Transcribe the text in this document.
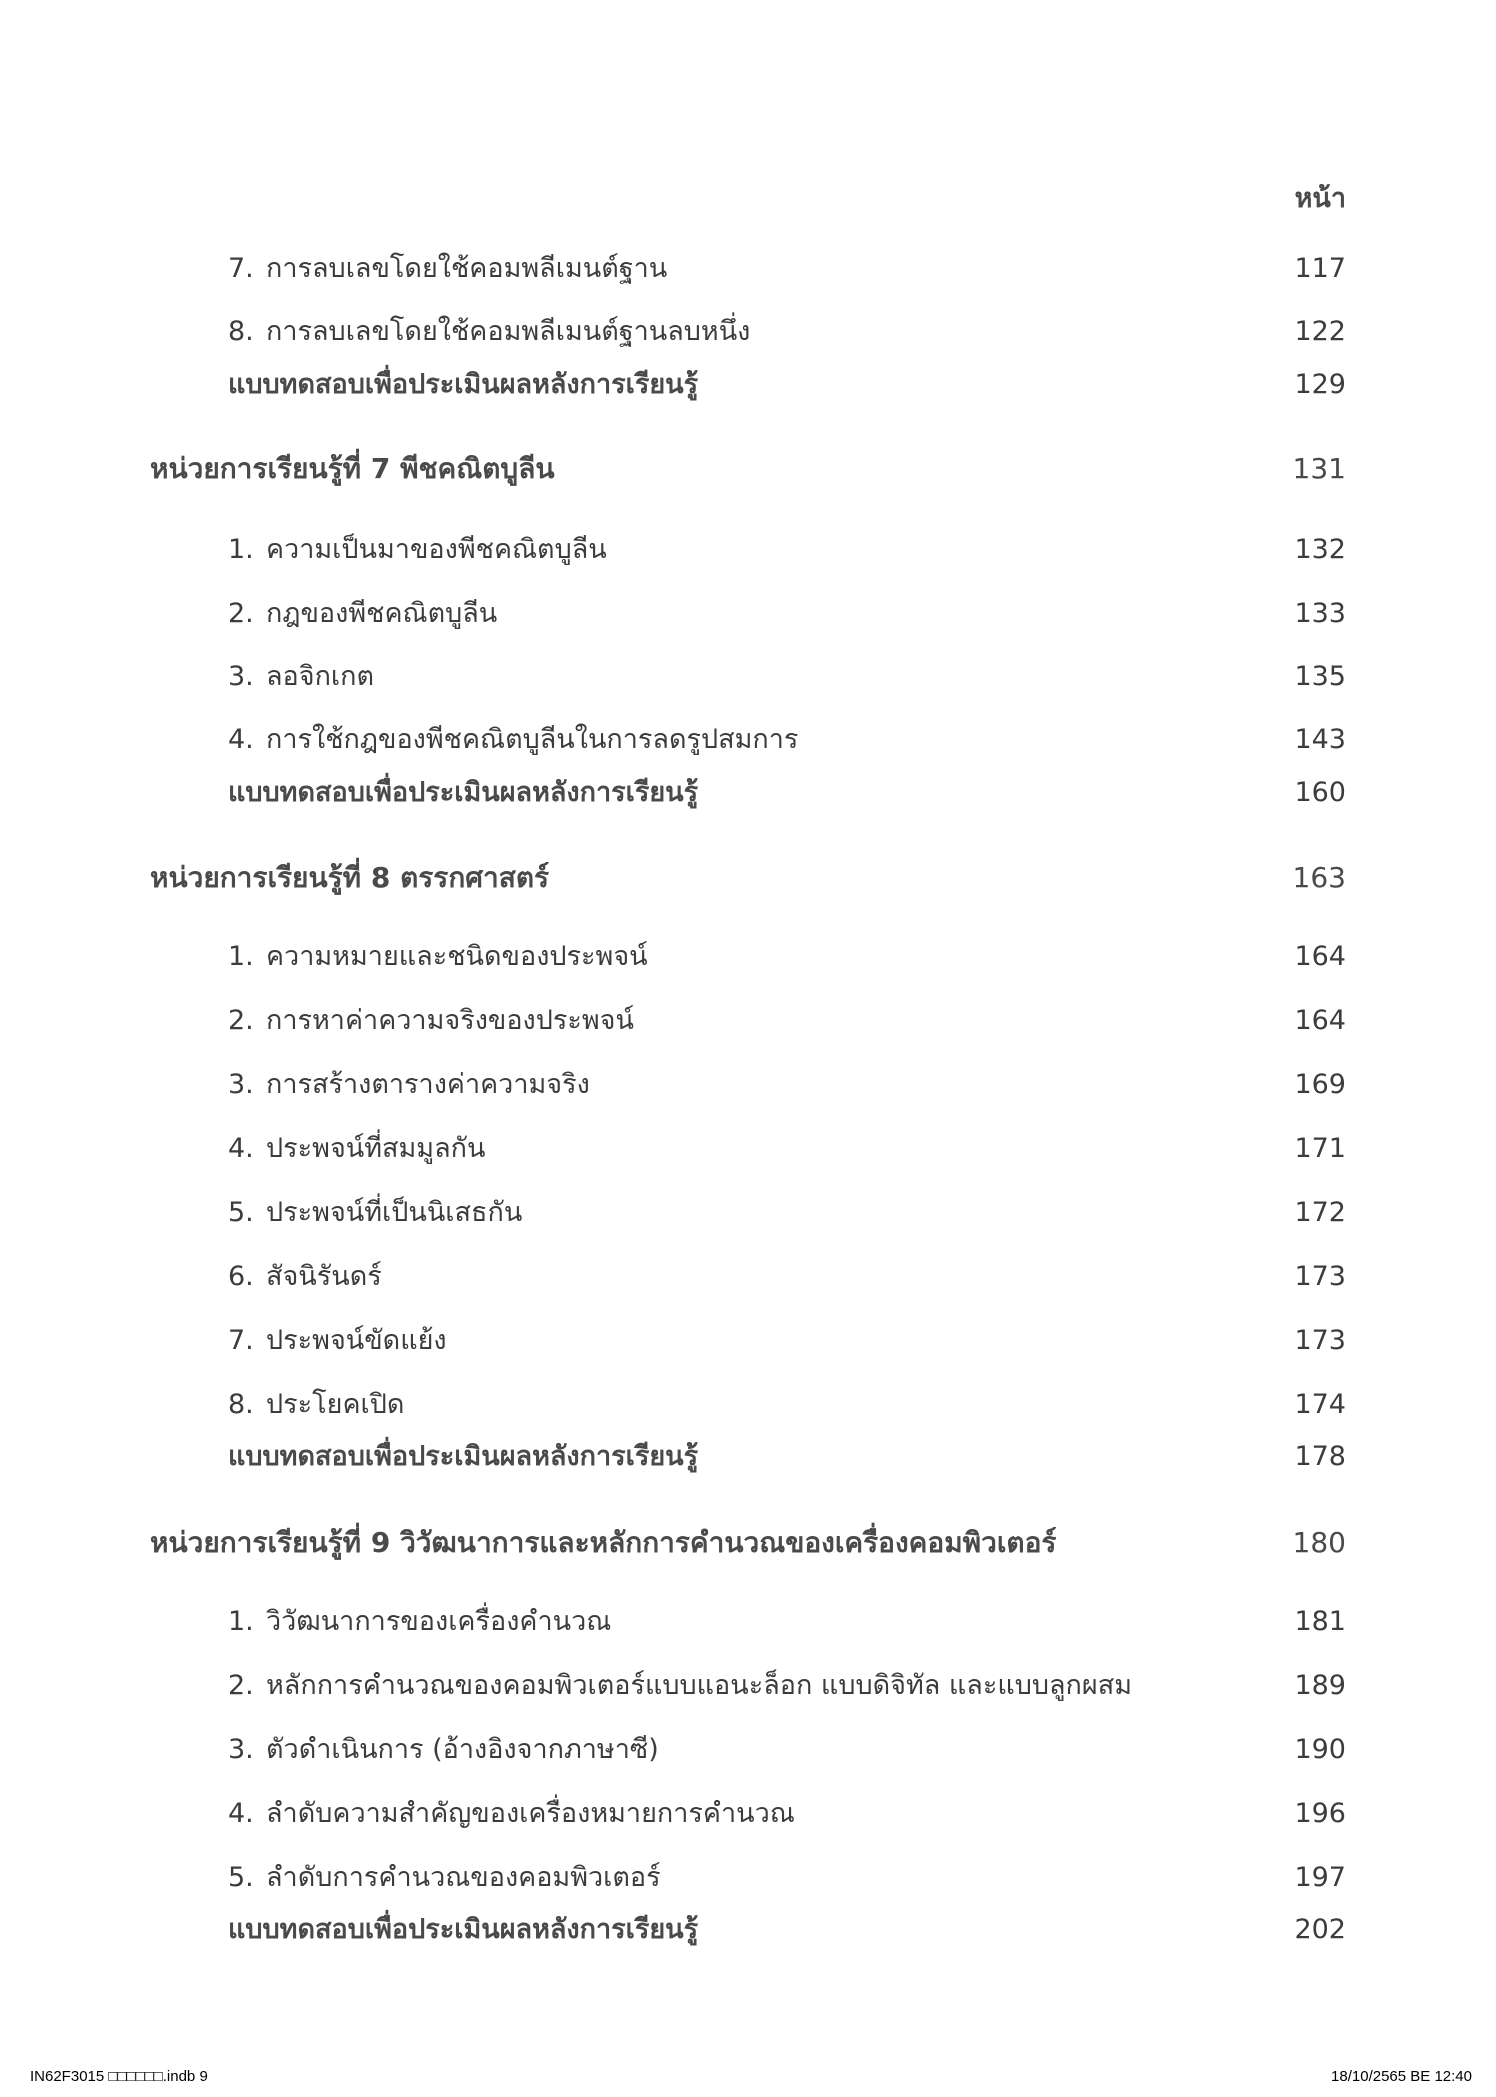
หน้า
7. การลบเลขโดยใช้คอมพลีเมนต์ฐาน	117
8. การลบเลขโดยใช้คอมพลีเมนต์ฐานลบหนึ่ง	122
แบบทดสอบเพื่อประเมินผลหลังการเรียนรู้	129
หน่วยการเรียนรู้ที่ 7 พีชคณิตบูลีน	131
1. ความเป็นมาของพีชคณิตบูลีน	132
2. กฎของพีชคณิตบูลีน	133
3. ลอจิกเกต	135
4. การใช้กฎของพีชคณิตบูลีนในการลดรูปสมการ	143
แบบทดสอบเพื่อประเมินผลหลังการเรียนรู้	160
หน่วยการเรียนรู้ที่ 8 ตรรกศาสตร์	163
1. ความหมายและชนิดของประพจน์	164
2. การหาค่าความจริงของประพจน์	164
3. การสร้างตารางค่าความจริง	169
4. ประพจน์ที่สมมูลกัน	171
5. ประพจน์ที่เป็นนิเสธกัน	172
6. สัจนิรันดร์	173
7. ประพจน์ขัดแย้ง	173
8. ประโยคเปิด	174
แบบทดสอบเพื่อประเมินผลหลังการเรียนรู้	178
หน่วยการเรียนรู้ที่ 9 วิวัฒนาการและหลักการคำนวณของเครื่องคอมพิวเตอร์	180
1. วิวัฒนาการของเครื่องคำนวณ	181
2. หลักการคำนวณของคอมพิวเตอร์แบบแอนะล็อก แบบดิจิทัล และแบบลูกผสม	189
3. ตัวดำเนินการ (อ้างอิงจากภาษาซี)	190
4. ลำดับความสำคัญของเครื่องหมายการคำนวณ	196
5. ลำดับการคำนวณของคอมพิวเตอร์	197
แบบทดสอบเพื่อประเมินผลหลังการเรียนรู้	202
IN62F3015 □□□□□□.indb 9	18/10/2565 BE 12:40
